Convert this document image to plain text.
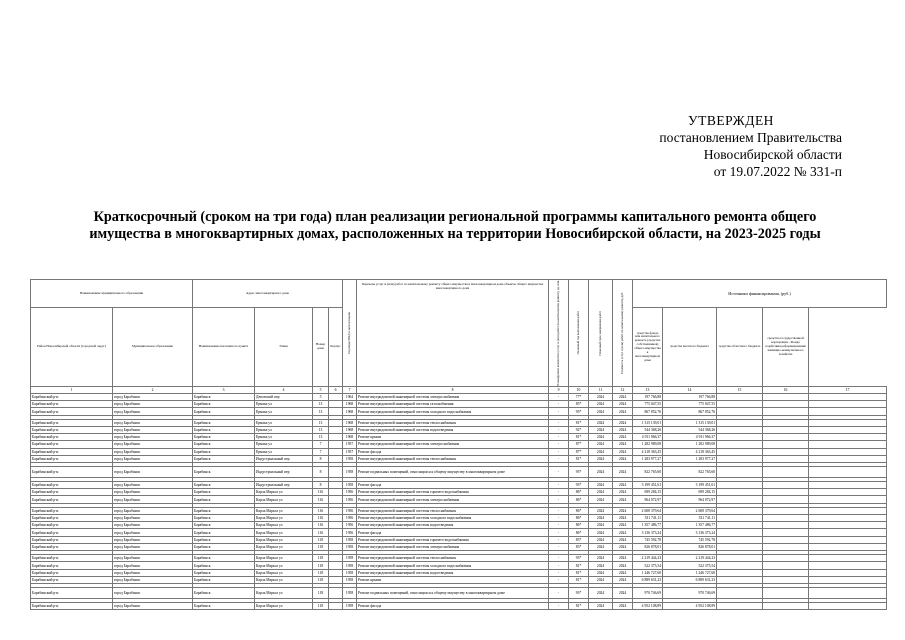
УТВЕРЖДЕН
постановлением Правительства
Новосибирской области
от 19.07.2022 № 331-п
Краткосрочный (сроком на три года) план реализации региональной программы капитального ремонта общего имущества в многоквартирных домах, расположенных на территории Новосибирской области, на 2023-2025 годы
Наименование муниципального образования		Адрес многоквартирного дома				Год ввода МКД в эксплуатацию	Перечень услуг и (или) работ по капитальному ремонту общего имущества в многоквартирном доме объекты общего имущества многоквартирного дома	Планируемое количество услуг и (или) работ по капитальному ремонту, ед. изм.	Плановый год выполнения работ	Плановый срок завершения работ	Стоимость услуг и (или) работ по капитальному ремонту, руб.	Источники финансирования, (руб.)				
Район Новосибирской области (городской округ)	Муниципальное образование	Наименование населенного пункта	Улица	Номер дома	Корпус							средства фонда или капитального ремонта (средства собственников) общего имущества в многоквартирном доме	средства местного бюджета	средства областного бюджета	средства государственной корпорации - Фонда содействия реформированию жилищно-коммунального хозяйства	
1	2	3	4	5	6	7	8	9	10	11	12	13	14	15	16	17
Барабинский р-н	город Барабинск	Барабинск	Деповский пер	5		1964	Ремонт внутридомовой инженерной системы электроснабжения	-	77*	2024	2024	197 766,88	197 766,88			
Барабинский р-н	город Барабинск	Барабинск	Ермака ул	13		1968	Ремонт внутридомовой инженерной системы газоснабжения	-	85*	2024	2024	775 047,55	775 047,55			
Барабинский р-н	город Барабинск	Барабинск	Ермака ул	13		1968	Ремонт внутридомовой инженерной системы холодного водоснабжения	-	93*	2024	2024	867 852,76	867 852,76			

Барабинский р-н	город Барабинск	Барабинск	Ермака ул	13		1968	Ремонт внутридомовой инженерной системы теплоснабжения	-	81*	2024	2024	1 315 139,01	1 315 139,01			
Барабинский р-н	город Барабинск	Барабинск	Ермака ул	13		1968	Ремонт внутридомовой инженерной системы водоотведения	-	92*	2024	2024	544 368,26	544 368,26			
Барабинский р-н	город Барабинск	Барабинск	Ермака ул	13		1968	Ремонт крыши	-	81*	2024	2024	4 911 966,37	4 911 966,37			
Барабинский р-н	город Барабинск	Барабинск	Ермака ул	7		1957	Ремонт внутридомовой инженерной системы электроснабжения	-	87*	2024	2024	1 282 989,08	1 282 989,08			
Барабинский р-н	город Барабинск	Барабинск	Ермака ул	7		1957	Ремонт фасада	-	87*	2024	2024	4 218 363,45	4 218 363,45			
Барабинский р-н	город Барабинск	Барабинск	Индустриальный пер	8		1958	Ремонт внутридомовой инженерной системы теплоснабжения	-	81*	2024	2024	1 283 977,27	1 283 977,27			

Барабинский р-н	город Барабинск	Барабинск	Индустриальный пер	8		1958	Ремонт подвальных помещений, относящихся к общему имуществу в многоквартирном доме	-	93*	2024	2024	822 765,60	822 765,60			

Барабинский р-н	город Барабинск	Барабинск	Индустриальный пер	8		1958	Ремонт фасада	-	93*	2024	2024	3 199 451,61	3 199 451,61			
Барабинский р-н	город Барабинск	Барабинск	Карла Маркса ул	116		1956	Ремонт внутридомовой инженерной системы горячего водоснабжения	-	86*	2024	2024	699 284,15	699 284,15			
Барабинский р-н	город Барабинск	Барабинск	Карла Маркса ул	116		1956	Ремонт внутридомовой инженерной системы электроснабжения	-	86*	2024	2024	964 072,97	964 072,97			

Барабинский р-н	город Барабинск	Барабинск	Карла Маркса ул	116		1956	Ремонт внутридомовой инженерной системы теплоснабжения	-	86*	2024	2024	2 608 379,64	2 608 379,64			
Барабинский р-н	город Барабинск	Барабинск	Карла Маркса ул	116		1956	Ремонт внутридомовой инженерной системы холодного водоснабжения	-	86*	2024	2024	531 741,11	531 741,11			
Барабинский р-н	город Барабинск	Барабинск	Карла Маркса ул	116		1956	Ремонт внутридомовой инженерной системы водоотведения	-	86*	2024	2024	1 357 486,77	1 357 486,77			
Барабинский р-н	город Барабинск	Барабинск	Карла Маркса ул	116		1956	Ремонт фасада	-	86*	2024	2024	3 136 373,24	3 136 373,24			
Барабинский р-н	город Барабинск	Барабинск	Карла Маркса ул	118		1958	Ремонт внутридомовой инженерной системы горячего водоснабжения	-	83*	2024	2024	745 592,78	745 592,78			
Барабинский р-н	город Барабинск	Барабинск	Карла Маркса ул	118		1958	Ремонт внутридомовой инженерной системы электроснабжения	-	83*	2024	2024	826 878,01	826 878,01			

Барабинский р-н	город Барабинск	Барабинск	Карла Маркса ул	118		1958	Ремонт внутридомовой инженерной системы теплоснабжения	-	93*	2024	2024	2 219 444,23	2 219 444,23			
Барабинский р-н	город Барабинск	Барабинск	Карла Маркса ул	118		1958	Ремонт внутридомовой инженерной системы холодного водоснабжения	-	81*	2024	2024	522 375,54	522 375,54			
Барабинский р-н	город Барабинск	Барабинск	Карла Маркса ул	118		1958	Ремонт внутридомовой инженерной системы водоотведения	-	81*	2024	2024	1 246 727,60	1 246 727,60			
Барабинский р-н	город Барабинск	Барабинск	Карла Маркса ул	118		1958	Ремонт крыши	-	81*	2024	2024	6 889 631,23	6 889 631,23			

Барабинский р-н	город Барабинск	Барабинск	Карла Маркса ул	118		1958	Ремонт подвальных помещений, относящихся к общему имуществу в многоквартирном доме	-	93*	2024	2024	970 746,69	970 746,69			

Барабинский р-н	город Барабинск	Барабинск	Карла Маркса ул	118		1958	Ремонт фасада	-	81*	2024	2024	4 952 108,89	4 952 108,89			
